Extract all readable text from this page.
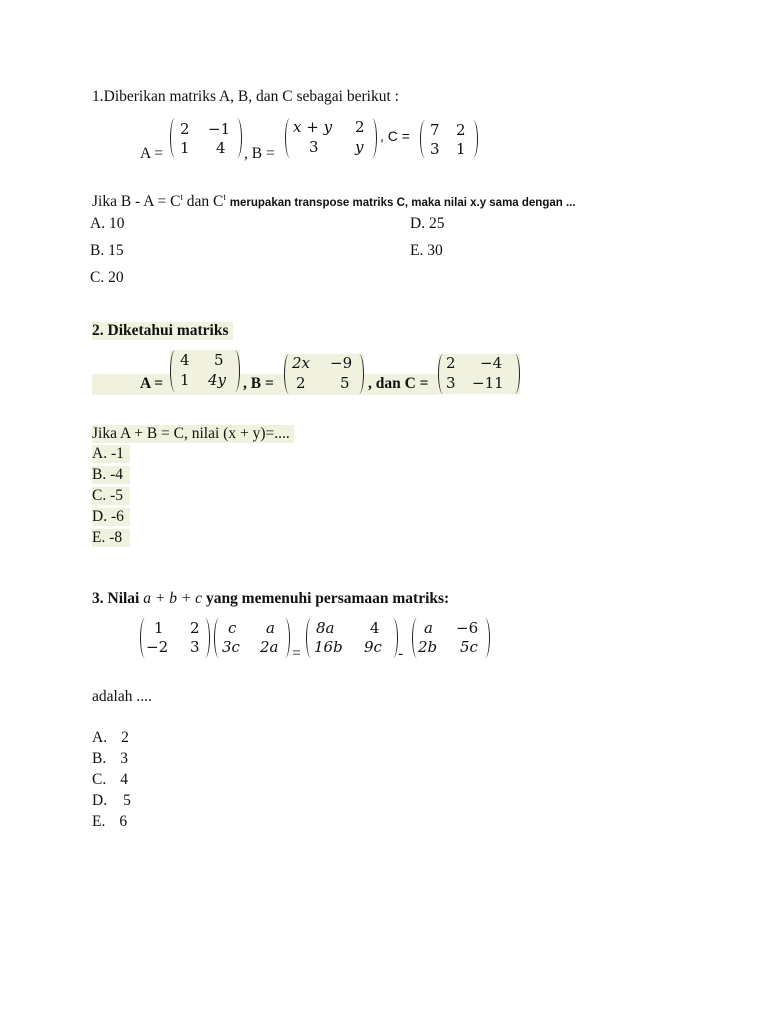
1.Diberikan matriks A, B, dan C sebagai berikut :
A =
2 −1
1 4 , B =
x + y 2
3 y
, C = 7 2
3 1
Jika $B - A = C^t$ dan $C^t$ merupakan transpose matriks C, maka nilai x.y sama dengan ...
A. 10
B. 15
C. 20
D. 25
E. 30
2. Diketahui matriks
A =
4 5
1 4y , B =
2x −9
2 5 , dan C =
2 −4
3 −11
Jika A + B = C, nilai (x + y)=....
A. -1
B. -4
C. -5
D. -6
E. -8
3. Nilai a + b + c yang memenuhi persamaan matriks:
1 2
−2 3
c a
3c 2a =
8a 4
16b 9c -
a −6
2b 5c
adalah ....
A. 2
B. 3
C. 4
D. 5
E. 6
